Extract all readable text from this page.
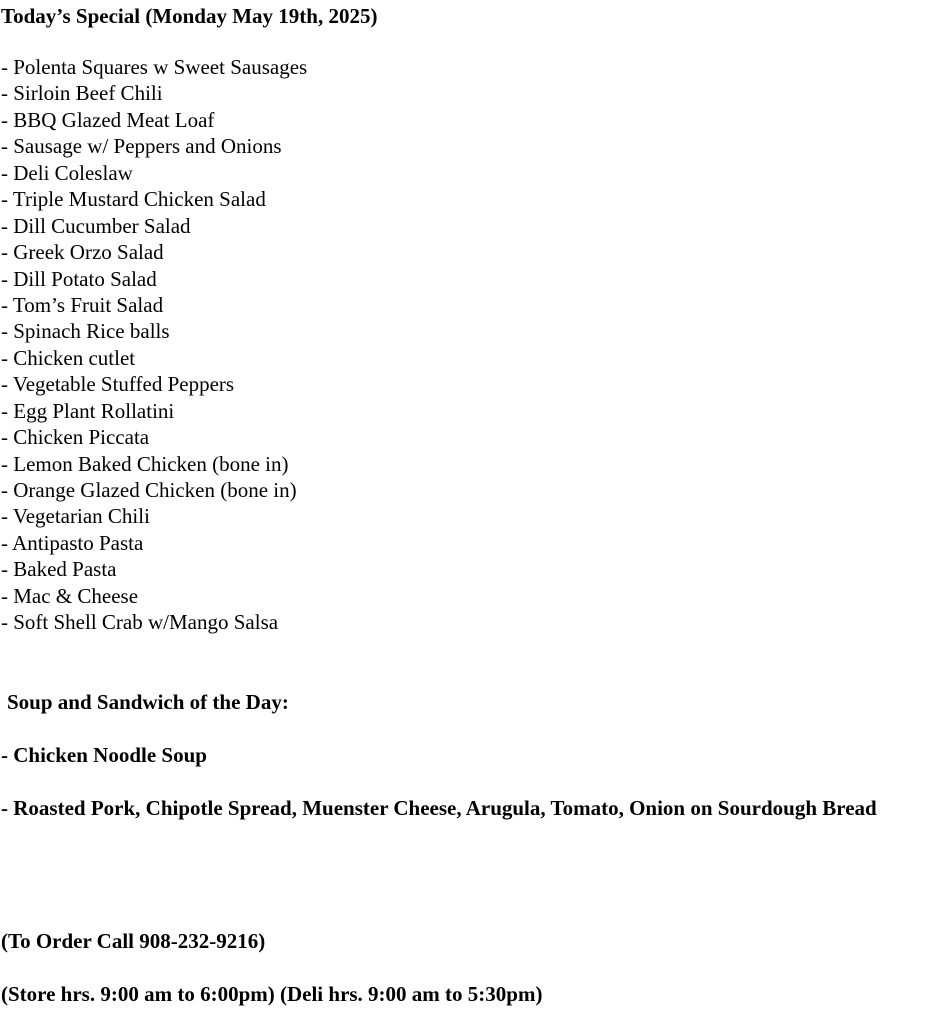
Today’s Special (Monday May 19th, 2025)
- Polenta Squares w Sweet Sausages
- Sirloin Beef Chili
- BBQ Glazed Meat Loaf
- Sausage w/ Peppers and Onions
- Deli Coleslaw
- Triple Mustard Chicken Salad
- Dill Cucumber Salad
- Greek Orzo Salad
- Dill Potato Salad
- Tom’s Fruit Salad
- Spinach Rice balls
- Chicken cutlet
- Vegetable Stuffed Peppers
- Egg Plant Rollatini
- Chicken Piccata
- Lemon Baked Chicken (bone in)
- Orange Glazed Chicken (bone in)
- Vegetarian Chili
- Antipasto Pasta
- Baked Pasta
- Mac & Cheese
- Soft Shell Crab w/Mango Salsa
Soup and Sandwich of the Day:
- Chicken Noodle Soup
- Roasted Pork, Chipotle Spread, Muenster Cheese, Arugula, Tomato, Onion on Sourdough Bread
(To Order Call 908-232-9216)
(Store hrs. 9:00 am to 6:00pm) (Deli hrs. 9:00 am to 5:30pm)
